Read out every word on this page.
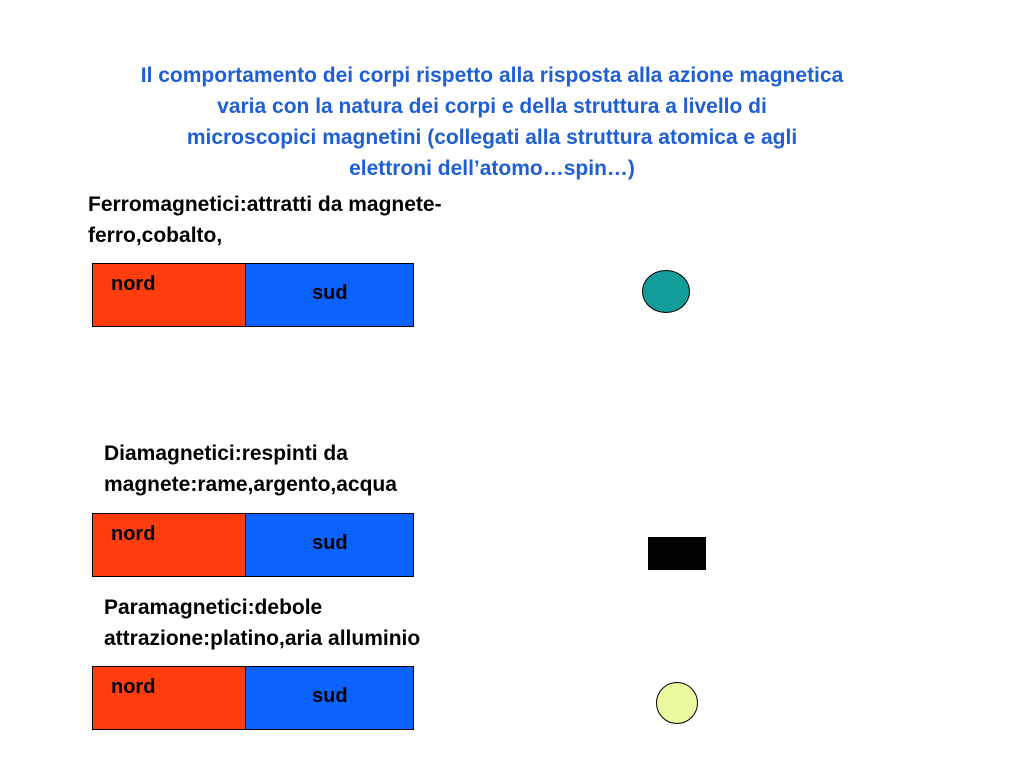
Il comportamento dei corpi rispetto alla risposta alla azione magnetica
varia con la natura dei corpi e della struttura a livello di
microscopici magnetini (collegati alla struttura atomica e agli
elettroni dell’atomo…spin…)
Ferromagnetici:attratti da magnete-
ferro,cobalto,
nord	sud
Diamagnetici:respinti da
magnete:rame,argento,acqua
nord	sud
Paramagnetici:debole
attrazione:platino,aria alluminio
nord	sud
